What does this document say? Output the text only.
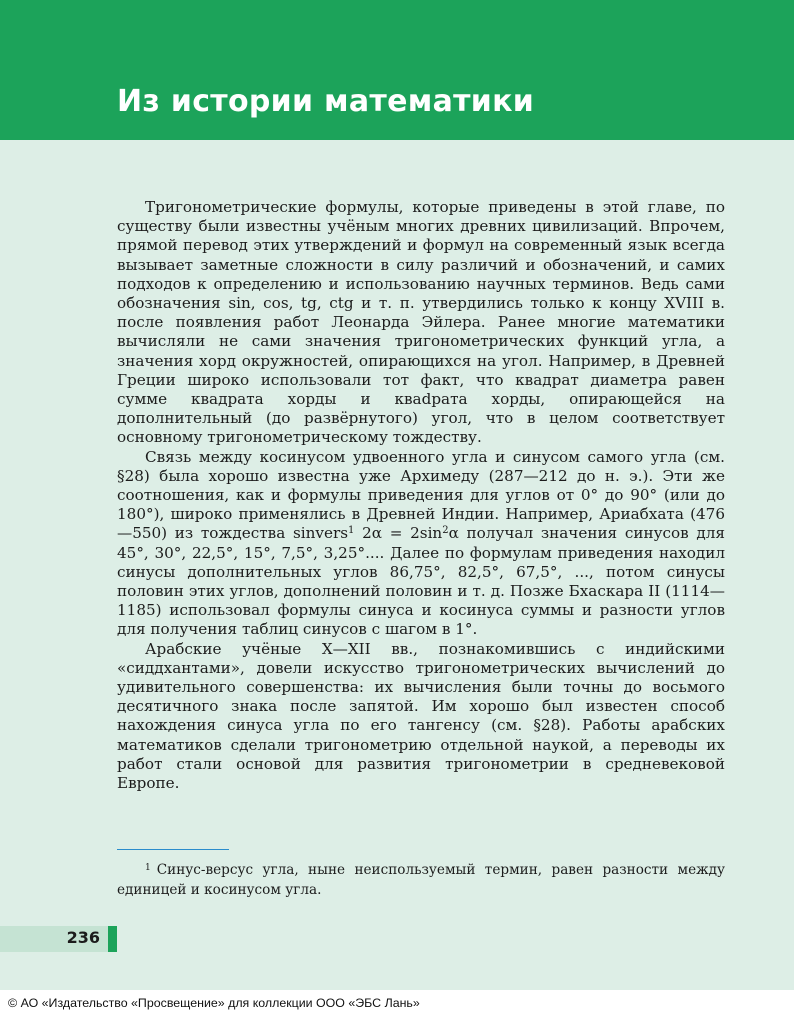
Из истории математики

Тригонометрические формулы, которые приведены в этой главе, по существу были известны учёным многих древних цивилизаций. Впрочем, прямой перевод этих утверждений и формул на современный язык всегда вызывает заметные сложности в силу различий и обозначений, и самих подходов к определению и использованию научных терминов. Ведь сами обозначения sin, cos, tg, ctg и т. п. утвердились только к концу XVIII в. после появления работ Леонарда Эйлера. Ранее многие математики вычисляли не сами значения тригонометрических функций угла, а значения хорд окружностей, опирающихся на угол. Например, в Древней Греции широко использовали тот факт, что квадрат диаметра равен сумме квадрата хорды и кваdрата хорды, опирающейся на дополнительный (до развёрнутого) угол, что в целом соответствует основному тригонометрическому тождеству.

Связь между косинусом удвоенного угла и синусом самого угла (см. §28) была хорошо известна уже Архимеду (287—212 до н. э.). Эти же соотношения, как и формулы приведения для углов от 0° до 90° (или до 180°), широко применялись в Древней Индии. Например, Ариабхата (476—550) из тождества sinvers$^1$ $2\alpha = 2\sin^2\alpha$ получал значения синусов для 45°, 30°, 22,5°, 15°, 7,5°, 3,25°.... Далее по формулам приведения находил синусы дополнительных углов 86,75°, 82,5°, 67,5°, ..., потом синусы половин этих углов, дополнений половин и т. д. Позже Бхаскара II (1114—1185) использовал формулы синуса и косинуса суммы и разности углов для получения таблиц синусов с шагом в 1°.

Арабские учёные X—XII вв., познакомившись с индийскими «сиддхантами», довели искусство тригонометрических вычислений до удивительного совершенства: их вычисления были точны до восьмого десятичного знака после запятой. Им хорошо был известен способ нахождения синуса угла по его тангенсу (см. §28). Работы арабских математиков сделали тригонометрию отдельной наукой, а переводы их работ стали основой для развития тригонометрии в средневековой Европе.

$^1$ Синус-версус угла, ныне неиспользуемый термин, равен разности между единицей и косинусом угла.

236
© АО «Издательство «Просвещение» для коллекции ООО «ЭБС Лань»
